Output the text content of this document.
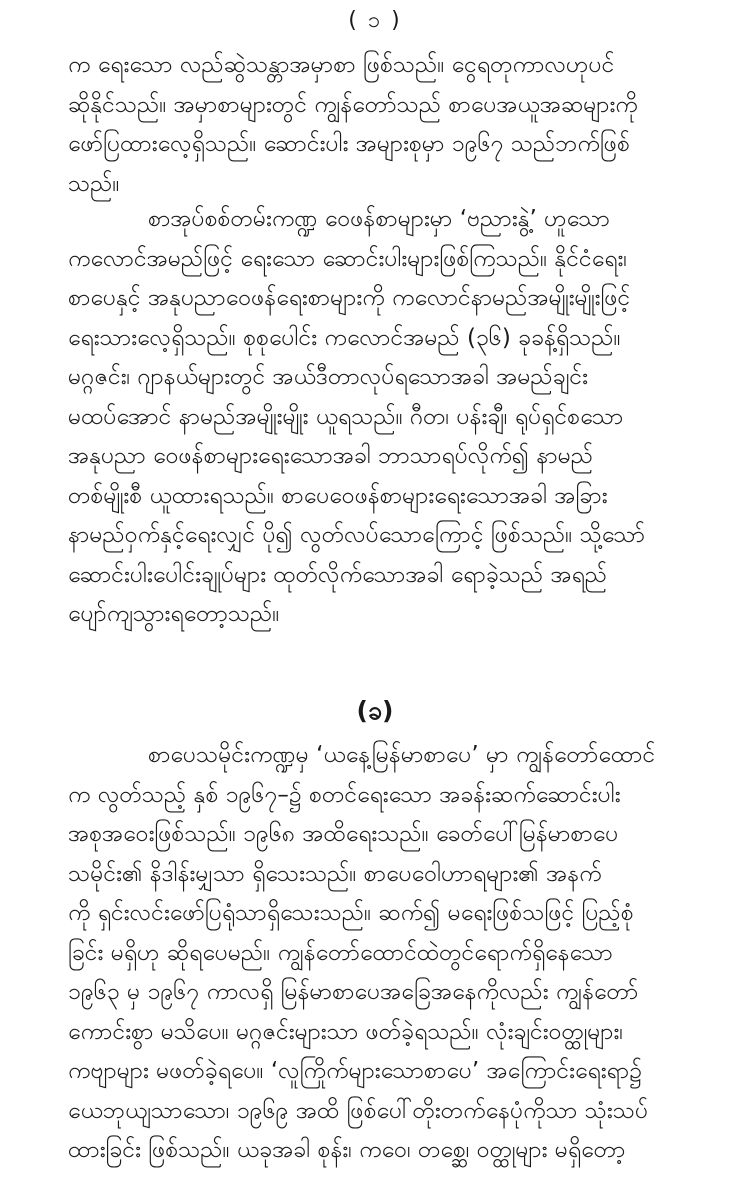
( ၁ )
က ရေးသော လည်ဆွဲသန္တာအမှာစာ ဖြစ်သည်။ ငွေရတုကာလဟုပင်
ဆိုနိုင်သည်။ အမှာစာများတွင် ကျွန်တော်သည် စာပေအယူအဆများကို
ဖော်ပြထားလေ့ရှိသည်။ ဆောင်းပါး အများစုမှာ ၁၉၆၇ သည်ဘက်ဖြစ်
သည်။
စာအုပ်စစ်တမ်းကဏ္ဍ ဝေဖန်စာများမှာ ‘ဗညားနွဲ့’ ဟူသော
ကလောင်အမည်ဖြင့် ရေးသော ဆောင်းပါးများဖြစ်ကြသည်။ နိုင်ငံရေး၊
စာပေနှင့် အနုပညာဝေဖန်ရေးစာများကို ကလောင်နာမည်အမျိုးမျိုးဖြင့်
ရေးသားလေ့ရှိသည်။ စုစုပေါင်း ကလောင်အမည် (၃၆) ခုခန့်ရှိသည်။
မဂ္ဂဇင်း၊ ဂျာနယ်များတွင် အယ်ဒီတာလုပ်ရသောအခါ အမည်ချင်း
မထပ်အောင် နာမည်အမျိုးမျိုး ယူရသည်။ ဂီတ၊ ပန်းချီ၊ ရုပ်ရှင်စသော
အနုပညာ ဝေဖန်စာများရေးသောအခါ ဘာသာရပ်လိုက်၍ နာမည်
တစ်မျိုးစီ ယူထားရသည်။ စာပေဝေဖန်စာများရေးသောအခါ အခြား
နာမည်ဝှက်နှင့်ရေးလျှင် ပို၍ လွတ်လပ်သောကြောင့် ဖြစ်သည်။ သို့သော်
ဆောင်းပါးပေါင်းချုပ်များ ထုတ်လိုက်သောအခါ ရောခဲ့သည် အရည်
ပျော်ကျသွားရတော့သည်။
(ခ)
စာပေသမိုင်းကဏ္ဍမှ ‘ယနေ့မြန်မာစာပေ’ မှာ ကျွန်တော်ထောင်
က လွတ်သည့် နှစ် ၁၉၆၇–၌ စတင်ရေးသော အခန်းဆက်ဆောင်းပါး
အစုအဝေးဖြစ်သည်။ ၁၉၆၈ အထိရေးသည်။ ခေတ်ပေါ်မြန်မာစာပေ
သမိုင်း၏ နိဒါန်းမျှသာ ရှိသေးသည်။ စာပေဝေါဟာရများ၏ အနက်
ကို ရှင်းလင်းဖော်ပြရုံသာရှိသေးသည်။ ဆက်၍ မရေးဖြစ်သဖြင့် ပြည့်စုံ
ခြင်း မရှိဟု ဆိုရပေမည်။ ကျွန်တော်ထောင်ထဲတွင်ရောက်ရှိနေသော
၁၉၆၃ မှ ၁၉၆၇ ကာလရှိ မြန်မာစာပေအခြေအနေကိုလည်း ကျွန်တော်
ကောင်းစွာ မသိပေ။ မဂ္ဂဇင်းများသာ ဖတ်ခဲ့ရသည်။ လုံးချင်းဝတ္ထုများ၊
ကဗျာများ မဖတ်ခဲ့ရပေ။ ‘လူကြိုက်များသောစာပေ’ အကြောင်းရေးရာ၌
ယေဘုယျသာသော၊ ၁၉၆၉ အထိ ဖြစ်ပေါ်တိုးတက်နေပုံကိုသာ သုံးသပ်
ထားခြင်း ဖြစ်သည်။ ယခုအခါ စုန်း၊ ကဝေ၊ တစ္ဆေ၊ ဝတ္ထုများ မရှိတော့
